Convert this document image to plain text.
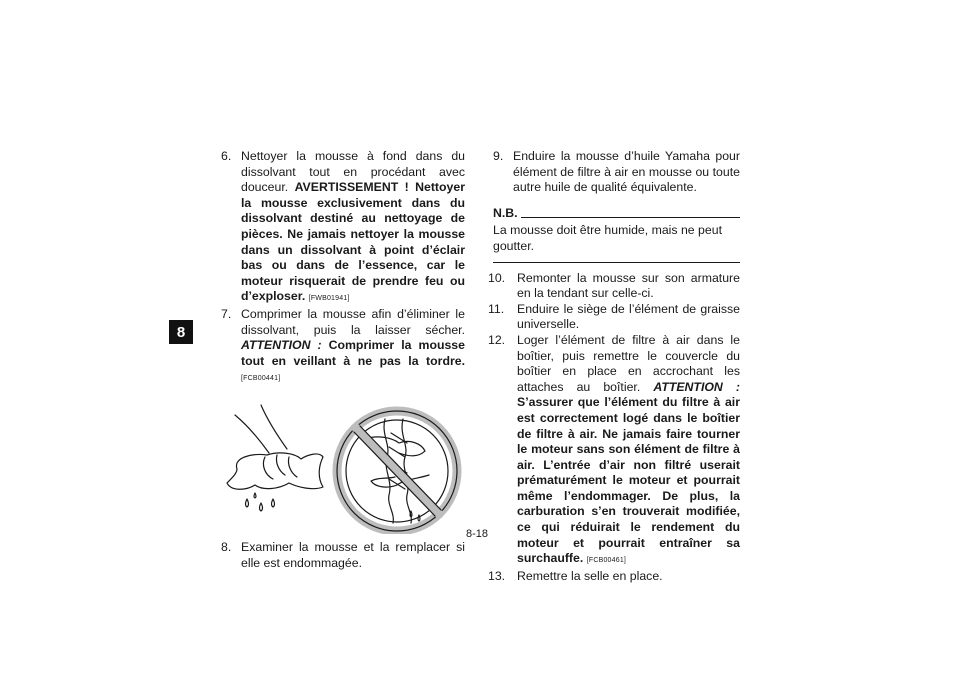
8
6. Nettoyer la mousse à fond dans du dissolvant tout en procédant avec douceur. AVERTISSEMENT ! Nettoyer la mousse exclusivement dans du dissolvant destiné au nettoyage de pièces. Ne jamais nettoyer la mousse dans un dissolvant à point d’éclair bas ou dans de l’essence, car le moteur risquerait de prendre feu ou d’exploser. [FWB01941]
7. Comprimer la mousse afin d’éliminer le dissolvant, puis la laisser sécher. ATTENTION : Comprimer la mousse tout en veillant à ne pas la tordre. [FCB00441]
8. Examiner la mousse et la remplacer si elle est endommagée.
9. Enduire la mousse d’huile Yamaha pour élément de filtre à air en mousse ou toute autre huile de qualité équivalente.
N.B.
La mousse doit être humide, mais ne peut goutter.
10. Remonter la mousse sur son armature en la tendant sur celle-ci.
11. Enduire le siège de l’élément de graisse universelle.
12. Loger l’élément de filtre à air dans le boîtier, puis remettre le couvercle du boîtier en place en accrochant les attaches au boîtier. ATTENTION : S’assurer que l’élément du filtre à air est correctement logé dans le boîtier de filtre à air. Ne jamais faire tourner le moteur sans son élément de filtre à air. L’entrée d’air non filtré userait prématurément le moteur et pourrait même l’endommager. De plus, la carburation s’en trouverait modifiée, ce qui réduirait le rendement du moteur et pourrait entraîner sa surchauffe. [FCB00461]
13. Remettre la selle en place.
8-18
